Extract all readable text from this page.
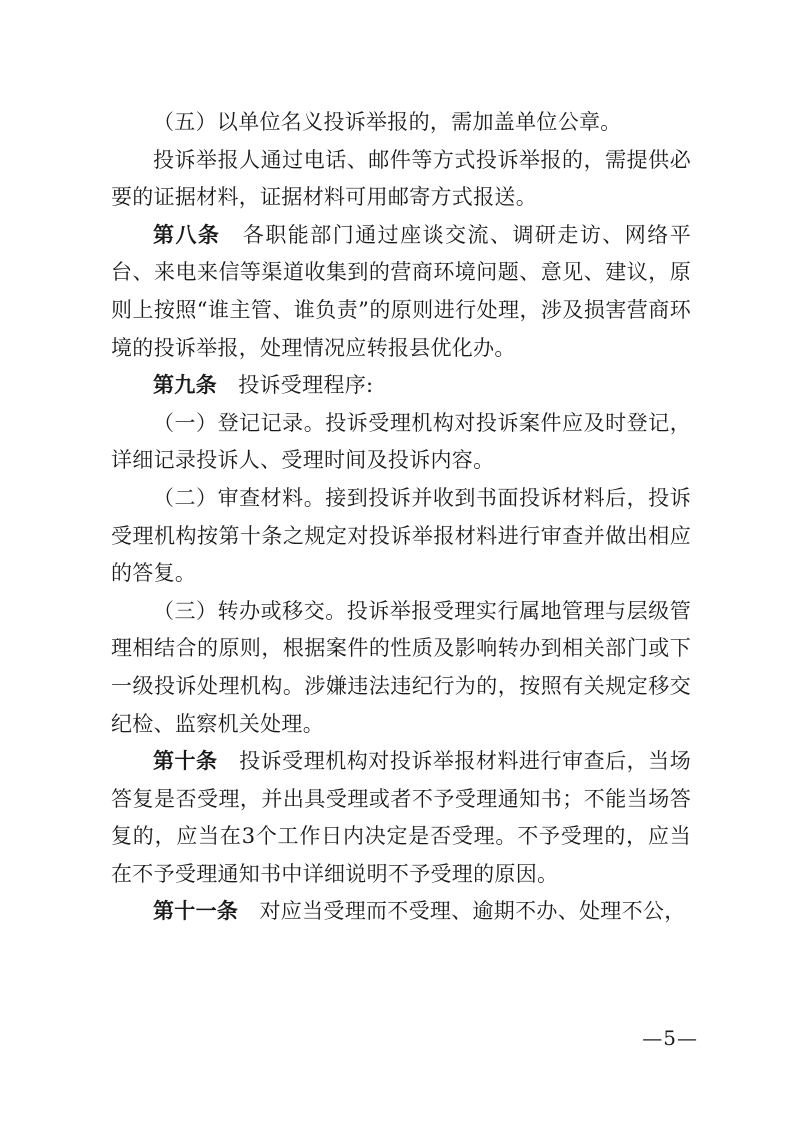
（五）以单位名义投诉举报的，需加盖单位公章。

投诉举报人通过电话、邮件等方式投诉举报的，需提供必要的证据材料，证据材料可用邮寄方式报送。

第八条　各职能部门通过座谈交流、调研走访、网络平台、来电来信等渠道收集到的营商环境问题、意见、建议，原则上按照“谁主管、谁负责”的原则进行处理，涉及损害营商环境的投诉举报，处理情况应转报县优化办。

第九条　投诉受理程序:

（一）登记记录。投诉受理机构对投诉案件应及时登记，详细记录投诉人、受理时间及投诉内容。

（二）审查材料。接到投诉并收到书面投诉材料后，投诉受理机构按第十条之规定对投诉举报材料进行审查并做出相应的答复。

（三）转办或移交。投诉举报受理实行属地管理与层级管理相结合的原则，根据案件的性质及影响转办到相关部门或下一级投诉处理机构。涉嫌违法违纪行为的，按照有关规定移交纪检、监察机关处理。

第十条　投诉受理机构对投诉举报材料进行审查后，当场答复是否受理，并出具受理或者不予受理通知书；不能当场答复的，应当在3个工作日内决定是否受理。不予受理的，应当在不予受理通知书中详细说明不予受理的原因。

第十一条　对应当受理而不受理、逾期不办、处理不公，

—5—
